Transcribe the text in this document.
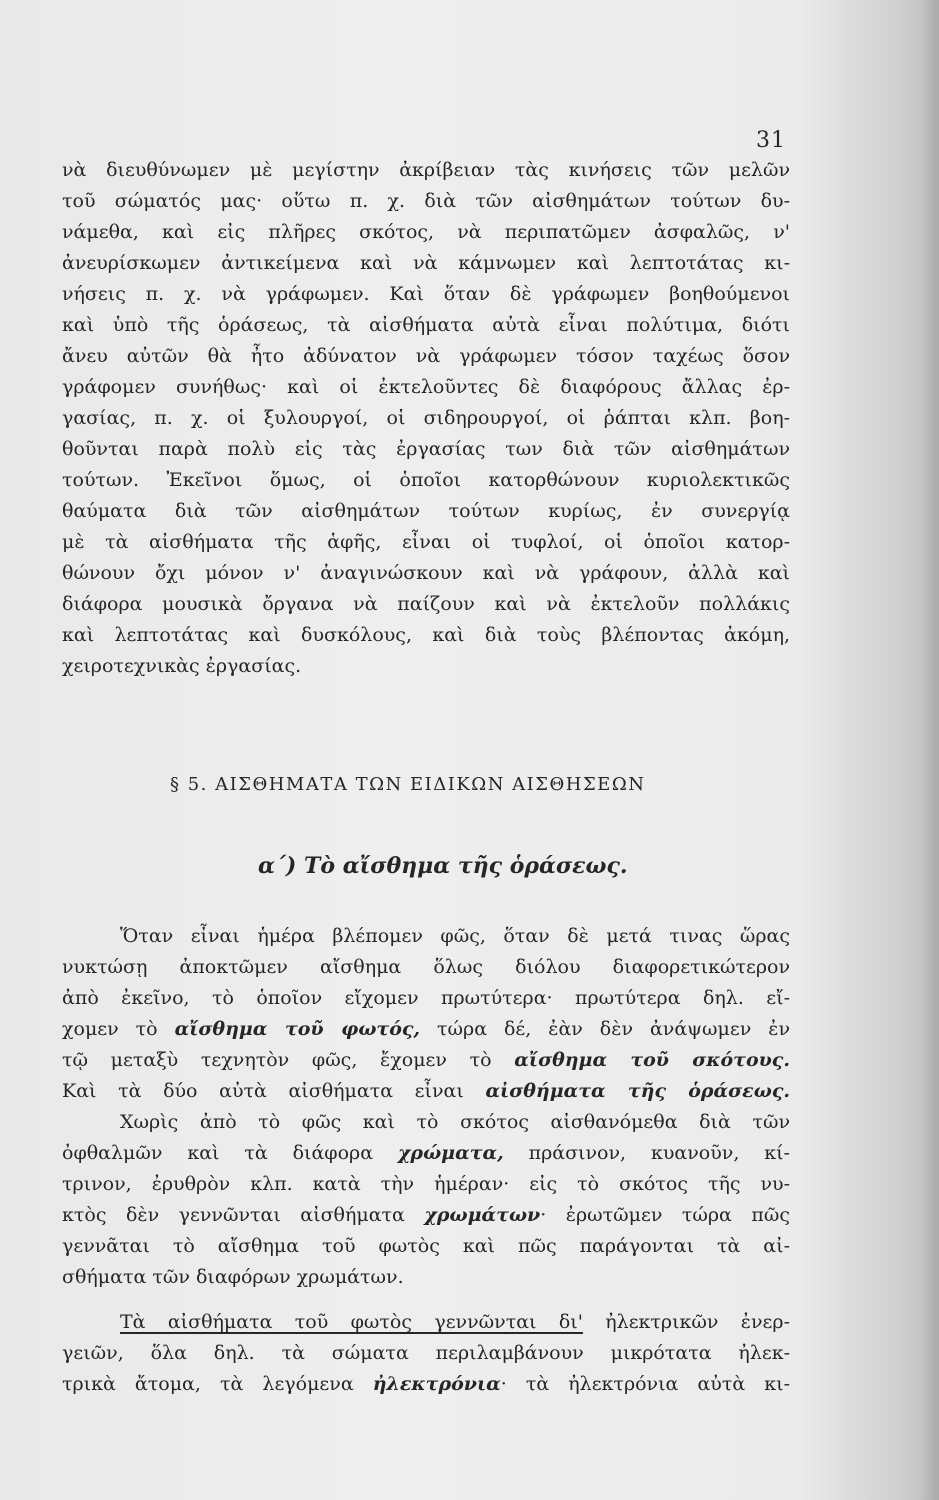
31
νὰ διευθύνωμεν μὲ μεγίστην ἀκρίβειαν τὰς κινήσεις τῶν μελῶν
τοῦ σώματός μας· οὕτω π. χ. διὰ τῶν αἰσθημάτων τούτων δυ-
νάμεθα, καὶ εἰς πλῆρες σκότος, νὰ περιπατῶμεν ἀσφαλῶς, ν'
ἀνευρίσκωμεν ἀντικείμενα καὶ νὰ κάμνωμεν καὶ λεπτοτάτας κι-
νήσεις π. χ. νὰ γράφωμεν. Καὶ ὅταν δὲ γράφωμεν βοηθούμενοι
καὶ ὑπὸ τῆς ὁράσεως, τὰ αἰσθήματα αὐτὰ εἶναι πολύτιμα, διότι
ἄνευ αὐτῶν θὰ ἦτο ἀδύνατον νὰ γράφωμεν τόσον ταχέως ὅσον
γράφομεν συνήθως· καὶ οἱ ἐκτελοῦντες δὲ διαφόρους ἄλλας ἐρ-
γασίας, π. χ. οἱ ξυλουργοί, οἱ σιδηρουργοί, οἱ ῥάπται κλπ. βοη-
θοῦνται παρὰ πολὺ εἰς τὰς ἐργασίας των διὰ τῶν αἰσθημάτων
τούτων. Ἐκεῖνοι ὅμως, οἱ ὁποῖοι κατορθώνουν κυριολεκτικῶς
θαύματα διὰ τῶν αἰσθημάτων τούτων κυρίως, ἐν συνεργίᾳ
μὲ τὰ αἰσθήματα τῆς ἁφῆς, εἶναι οἱ τυφλοί, οἱ ὁποῖοι κατορ-
θώνουν ὄχι μόνον ν' ἀναγινώσκουν καὶ νὰ γράφουν, ἀλλὰ καὶ
διάφορα μουσικὰ ὄργανα νὰ παίζουν καὶ νὰ ἐκτελοῦν πολλάκις
καὶ λεπτοτάτας καὶ δυσκόλους, καὶ διὰ τοὺς βλέποντας ἀκόμη,
χειροτεχνικὰς ἐργασίας.
§ 5. ΑΙΣΘΗΜΑΤΑ ΤΩΝ ΕΙΔΙΚΩΝ ΑΙΣΘΗΣΕΩΝ
α΄) Τὸ αἴσθημα τῆς ὁράσεως.
Ὅταν εἶναι ἡμέρα βλέπομεν φῶς, ὅταν δὲ μετά τινας ὥρας
νυκτώσῃ ἀποκτῶμεν αἴσθημα ὅλως διόλου διαφορετικώτερον
ἀπὸ ἐκεῖνο, τὸ ὁποῖον εἴχομεν πρωτύτερα· πρωτύτερα δηλ. εἴ-
χομεν τὸ αἴσθημα τοῦ φωτός, τώρα δέ, ἐὰν δὲν ἀνάψωμεν ἐν
τῷ μεταξὺ τεχνητὸν φῶς, ἔχομεν τὸ αἴσθημα τοῦ σκότους.
Καὶ τὰ δύο αὐτὰ αἰσθήματα εἶναι αἰσθήματα τῆς ὁράσεως.
Χωρὶς ἀπὸ τὸ φῶς καὶ τὸ σκότος αἰσθανόμεθα διὰ τῶν
ὀφθαλμῶν καὶ τὰ διάφορα χρώματα, πράσινον, κυανοῦν, κί-
τρινον, ἐρυθρὸν κλπ. κατὰ τὴν ἡμέραν· εἰς τὸ σκότος τῆς νυ-
κτὸς δὲν γεννῶνται αἰσθήματα χρωμάτων· ἐρωτῶμεν τώρα πῶς
γεννᾶται τὸ αἴσθημα τοῦ φωτὸς καὶ πῶς παράγονται τὰ αἰ-
σθήματα τῶν διαφόρων χρωμάτων.
Τὰ αἰσθήματα τοῦ φωτὸς γεννῶνται δι' ἠλεκτρικῶν ἐνερ-
γειῶν, ὅλα δηλ. τὰ σώματα περιλαμβάνουν μικρότατα ἠλεκ-
τρικὰ ἄτομα, τὰ λεγόμενα ἠλεκτρόνια· τὰ ἠλεκτρόνια αὐτὰ κι-
